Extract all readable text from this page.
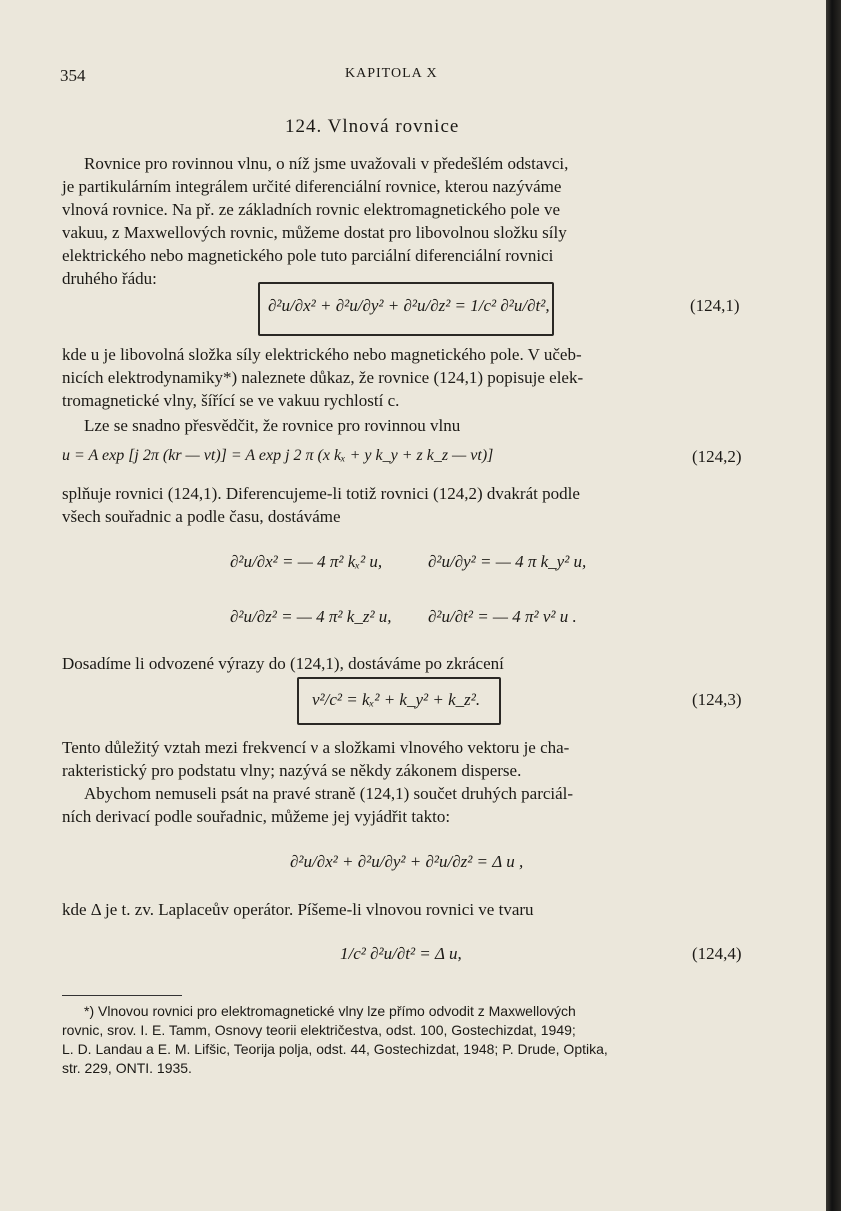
354	KAPITOLA X
124. Vlnová rovnice
Rovnice pro rovinnou vlnu, o níž jsme uvažovali v předešlém odstavci,
je partikulárním integrálem určité diferenciální rovnice, kterou nazýváme
vlnová rovnice. Na př. ze základních rovnic elektromagnetického pole ve
vakuu, z Maxwellových rovnic, můžeme dostat pro libovolnou složku síly
elektrického nebo magnetického pole tuto parciální diferenciální rovnici
druhého řádu:
∂²u/∂x² + ∂²u/∂y² + ∂²u/∂z² = 1/c² ∂²u/∂t²,	(124,1)
kde u je libovolná složka síly elektrického nebo magnetického pole. V učeb-
nicích elektrodynamiky*) naleznete důkaz, že rovnice (124,1) popisuje elek-
tromagnetické vlny, šířící se ve vakuu rychlostí c.
Lze se snadno přesvědčit, že rovnice pro rovinnou vlnu
u = A exp [j 2π (kr — νt)] = A exp j 2 π (x kₓ + y k_y + z k_z — νt)]	(124,2)
splňuje rovnici (124,1). Diferencujeme-li totiž rovnici (124,2) dvakrát podle
všech souřadnic a podle času, dostáváme
∂²u/∂x² = — 4 π² kₓ² u,	∂²u/∂y² = — 4 π k_y² u,
∂²u/∂z² = — 4 π² k_z² u, ∂²u/∂t² = — 4 π² ν² u .
Dosadíme li odvozené výrazy do (124,1), dostáváme po zkrácení
ν²/c² = kₓ² + k_y² + k_z².	(124,3)
Tento důležitý vztah mezi frekvencí ν a složkami vlnového vektoru je cha-
rakteristický pro podstatu vlny; nazývá se někdy zákonem disperse.
Abychom nemuseli psát na pravé straně (124,1) součet druhých parciál-
ních derivací podle souřadnic, můžeme jej vyjádřit takto:
∂²u/∂x² + ∂²u/∂y² + ∂²u/∂z² = Δ u ,
kde Δ je t. zv. Laplaceův operátor. Píšeme-li vlnovou rovnici ve tvaru
1/c² ∂²u/∂t² = Δ u,	(124,4)
*) Vlnovou rovnici pro elektromagnetické vlny lze přímo odvodit z Maxwellových
rovnic, srov. I. E. Tamm, Osnovy teorii električestva, odst. 100, Gostechizdat, 1949;
L. D. Landau a E. M. Lifšic, Teorija polja, odst. 44, Gostechizdat, 1948; P. Drude, Optika,
str. 229, ONTI. 1935.
